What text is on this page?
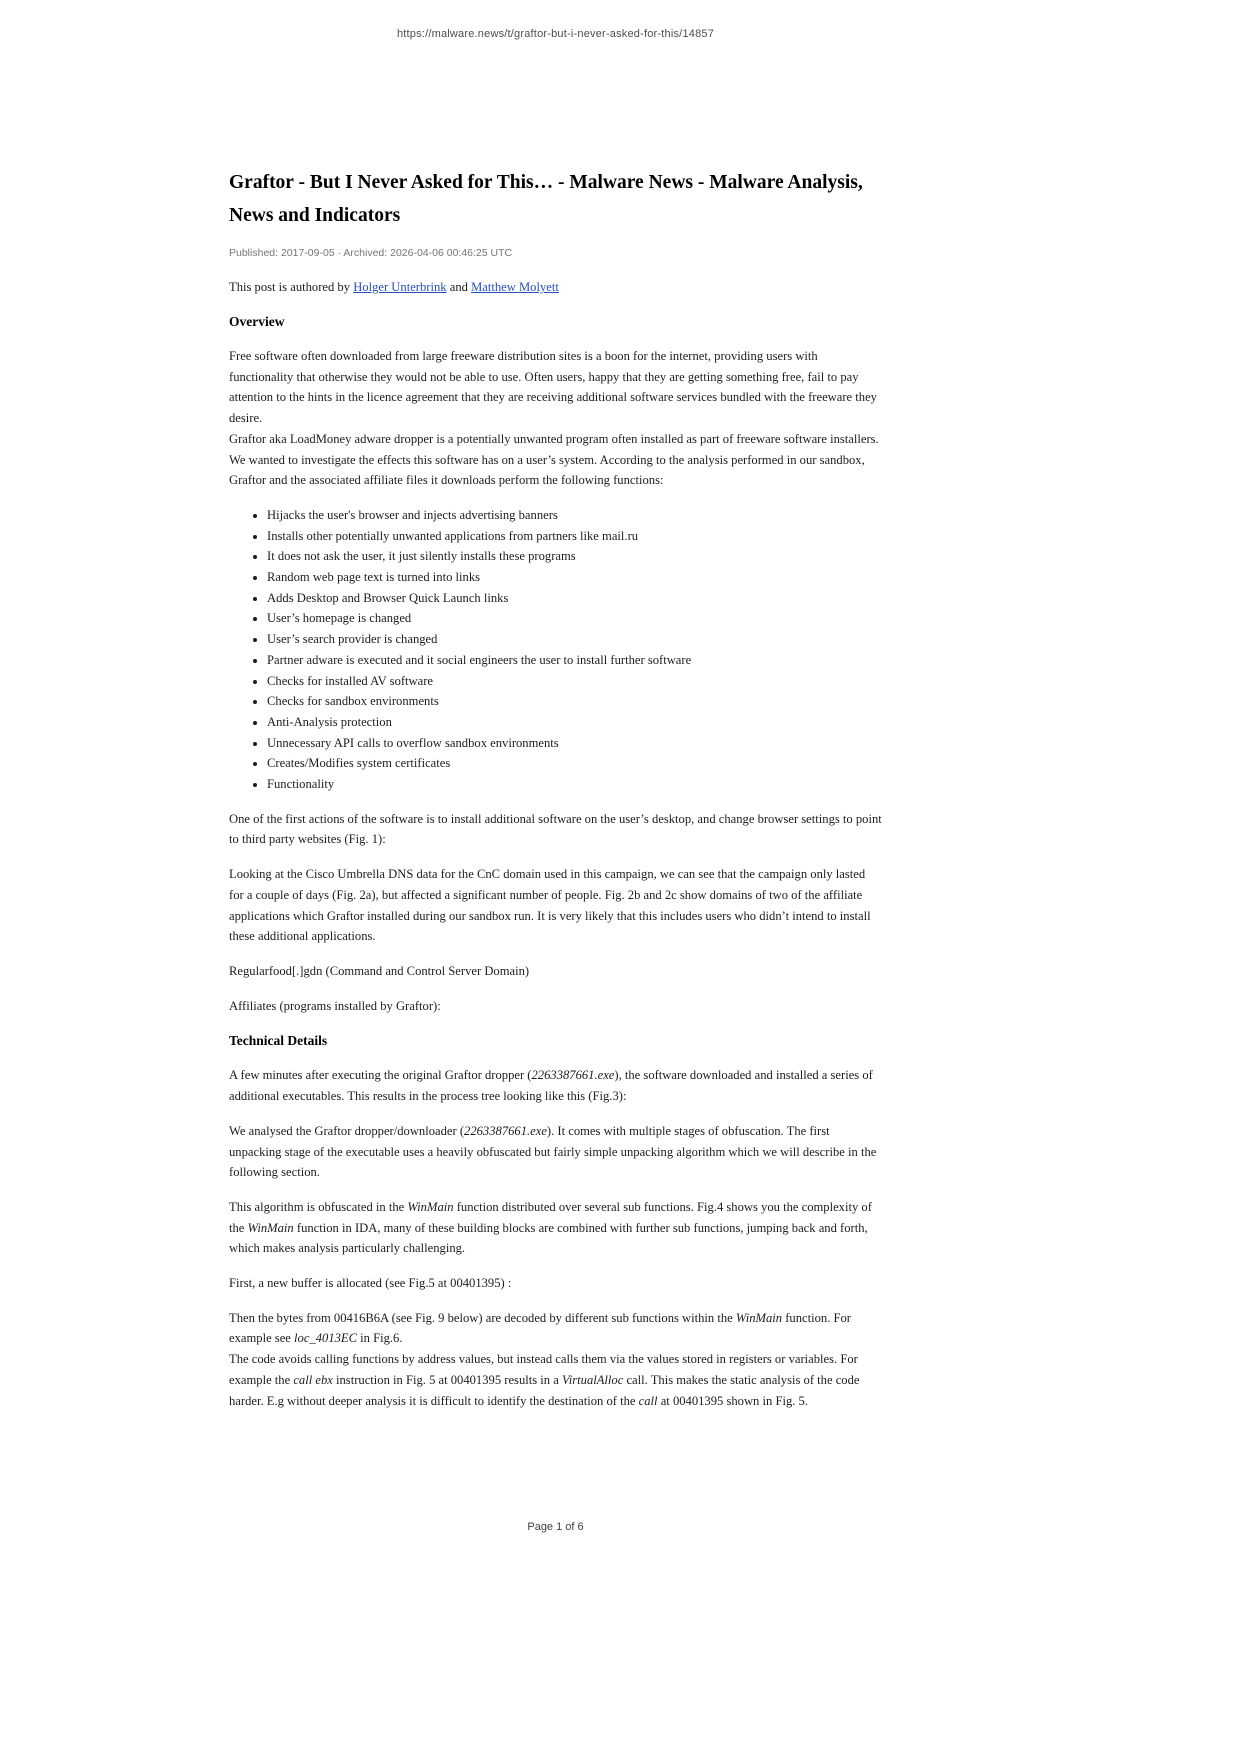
https://malware.news/t/graftor-but-i-never-asked-for-this/14857
Graftor - But I Never Asked for This… - Malware News - Malware Analysis, News and Indicators
Published: 2017-09-05 · Archived: 2026-04-06 00:46:25 UTC

This post is authored by Holger Unterbrink and Matthew Molyett

Overview

Free software often downloaded from large freeware distribution sites is a boon for the internet, providing users with functionality that otherwise they would not be able to use. Often users, happy that they are getting something free, fail to pay attention to the hints in the licence agreement that they are receiving additional software services bundled with the freeware they desire.

Graftor aka LoadMoney adware dropper is a potentially unwanted program often installed as part of freeware software installers. We wanted to investigate the effects this software has on a user’s system. According to the analysis performed in our sandbox, Graftor and the associated affiliate files it downloads perform the following functions:

• Hijacks the user's browser and injects advertising banners
• Installs other potentially unwanted applications from partners like mail.ru
• It does not ask the user, it just silently installs these programs
• Random web page text is turned into links
• Adds Desktop and Browser Quick Launch links
• User’s homepage is changed
• User’s search provider is changed
• Partner adware is executed and it social engineers the user to install further software
• Checks for installed AV software
• Checks for sandbox environments
• Anti-Analysis protection
• Unnecessary API calls to overflow sandbox environments
• Creates/Modifies system certificates
• Functionality

One of the first actions of the software is to install additional software on the user’s desktop, and change browser settings to point to third party websites (Fig. 1):

Looking at the Cisco Umbrella DNS data for the CnC domain used in this campaign, we can see that the campaign only lasted for a couple of days (Fig. 2a), but affected a significant number of people. Fig. 2b and 2c show domains of two of the affiliate applications which Graftor installed during our sandbox run. It is very likely that this includes users who didn’t intend to install these additional applications.

Regularfood[.]gdn (Command and Control Server Domain)

Affiliates (programs installed by Graftor):

Technical Details

A few minutes after executing the original Graftor dropper (2263387661.exe), the software downloaded and installed a series of additional executables. This results in the process tree looking like this (Fig.3):

We analysed the Graftor dropper/downloader (2263387661.exe). It comes with multiple stages of obfuscation. The first unpacking stage of the executable uses a heavily obfuscated but fairly simple unpacking algorithm which we will describe in the following section.

This algorithm is obfuscated in the WinMain function distributed over several sub functions. Fig.4 shows you the complexity of the WinMain function in IDA, many of these building blocks are combined with further sub functions, jumping back and forth, which makes analysis particularly challenging.

First, a new buffer is allocated (see Fig.5 at 00401395) :

Then the bytes from 00416B6A (see Fig. 9 below) are decoded by different sub functions within the WinMain function. For example see loc_4013EC in Fig.6.

The code avoids calling functions by address values, but instead calls them via the values stored in registers or variables. For example the call ebx instruction in Fig. 5 at 00401395 results in a VirtualAlloc call. This makes the static analysis of the code harder. E.g without deeper analysis it is difficult to identify the destination of the call at 00401395 shown in Fig. 5.

Page 1 of 6
